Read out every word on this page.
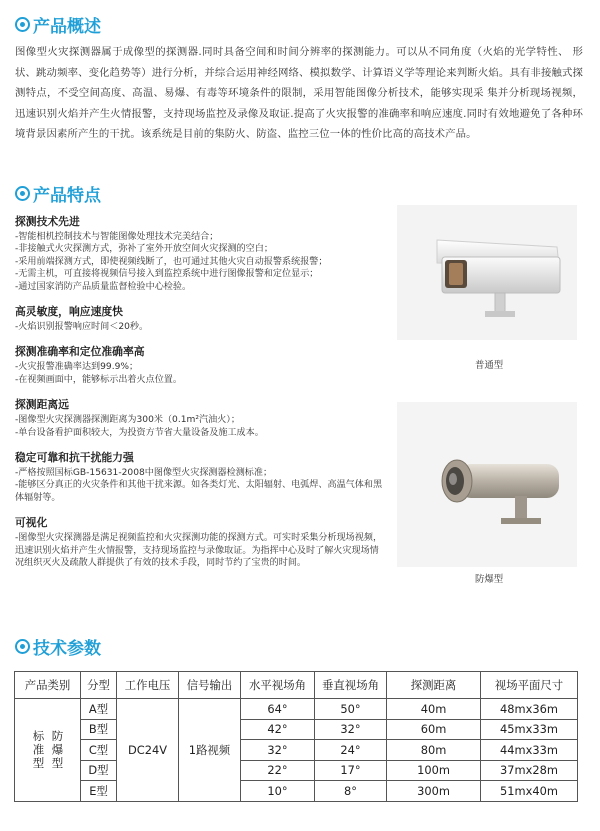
产品概述

图像型火灾探测器属于成像型的探测器.同时具备空间和时间分辨率的探测能力。可以从不同角度（火焰的光学特性、 形状、跳动频率、变化趋势等）进行分析，并综合运用神经网络、模拟数学、计算语义学等理论来判断火焰。具有非接触式探测特点，不受空间高度、高温、易爆、有毒等环境条件的限制，采用智能图像分析技术，能够实现采 集并分析现场视频，迅速识别火焰并产生火情报警，支持现场监控及录像及取证.提高了火灾报警的准确率和响应速度.同时有效地避免了各种环境背景因素所产生的干扰。该系统是目前的集防火、防盗、监控三位一体的性价比高的高技术产品。

产品特点
探测技术先进

-智能相机控制技术与智能图像处理技术完美结合；

-非接触式火灾探测方式，弥补了室外开放空间火灾探测的空白；

-采用前端探测方式，即使视频线断了，也可通过其他火灾自动报警系统报警；

-无需主机，可直接将视频信号接入到监控系统中进行图像报警和定位显示；

-通过国家消防产品质量监督检验中心检验。

高灵敏度，响应速度快

-火焰识别报警响应时间＜20秒。

探测准确率和定位准确率高

-火灾报警准确率达到99.9%；

-在视频画面中，能够标示出着火点位置。

探测距离远

-图像型火灾探测器探测距离为300米（0.1m²汽油火）；

-单台设备看护面积较大，为投资方节省大量设备及施工成本。

稳定可靠和抗干扰能力强

-严格按照国标GB-15631-2008中图像型火灾探测器检测标准；

-能够区分真正的火灾条件和其他干扰来源。如各类灯光、太阳辐射、电弧焊、高温气体和黑体辐射等。

可视化

-图像型火灾探测器是满足视频监控和火灾探测功能的探测方式。可实时采集分析现场视频，迅速识别火焰并产生火情报警，支持现场监控与录像取证。为指挥中心及时了解火灾现场情况组织灭火及疏散人群提供了有效的技术手段，同时节约了宝贵的时间。

普通型
防爆型
技术参数
产品类别	分型	工作电压	信号输出	水平视场角	垂直视场角	探测距离	视场平面尺寸

标准型 防爆型	A型	DC24V	1路视频	64°	50°	40m	48mx36m
	B型			42°	32°	60m	45mx33m
	C型			32°	24°	80m	44mx33m
	D型			22°	17°	100m	37mx28m
	E型			10°	8°	300m	51mx40m
